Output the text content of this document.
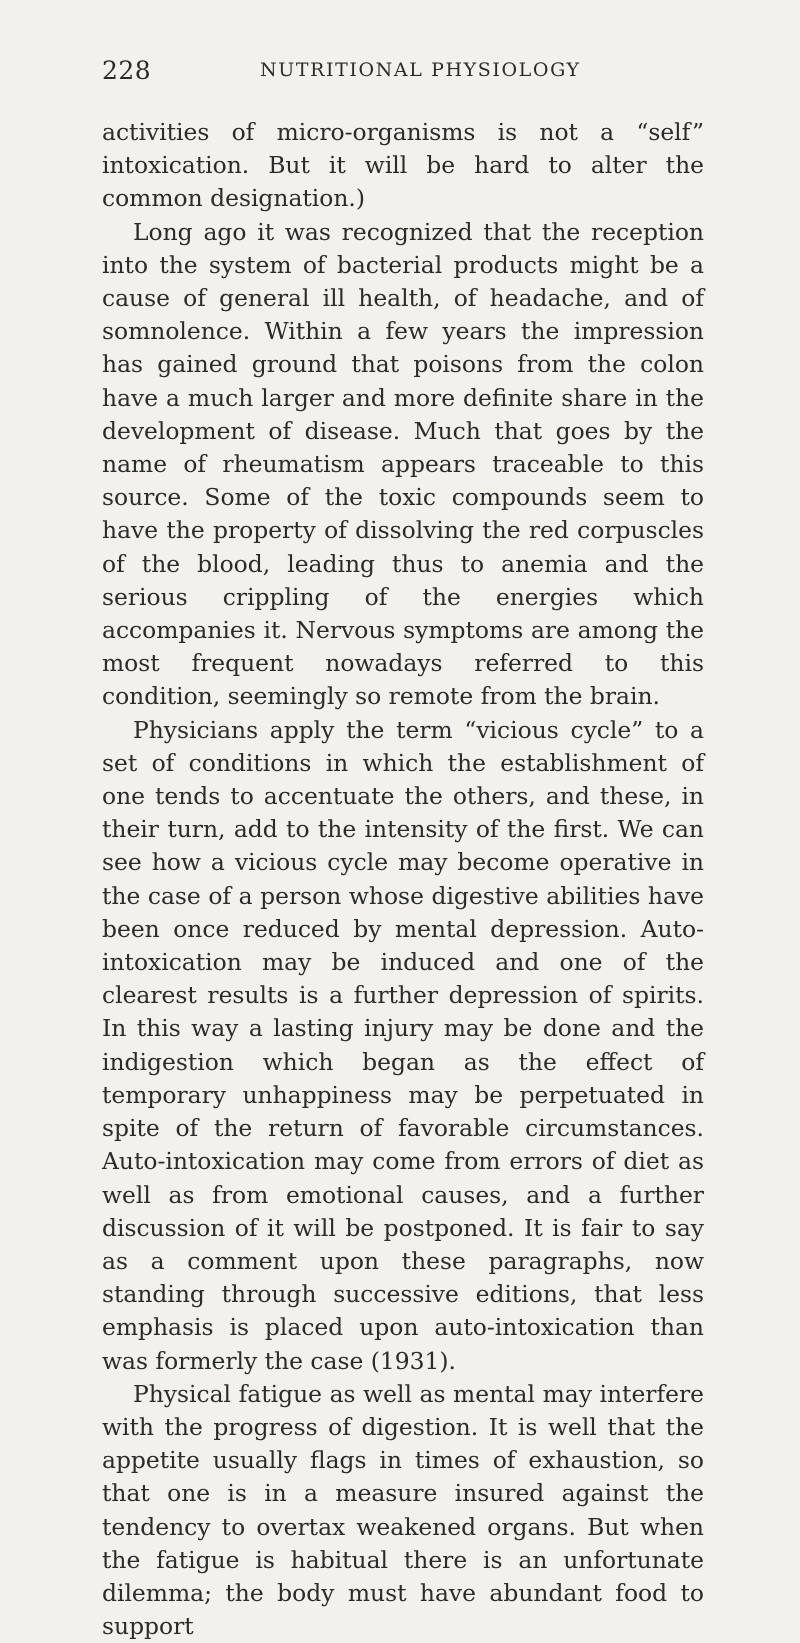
228	NUTRITIONAL PHYSIOLOGY

activities of micro-organisms is not a “self” intoxication. But it will be hard to alter the common designation.)

Long ago it was recognized that the reception into the system of bacterial products might be a cause of general ill health, of headache, and of somnolence. Within a few years the impression has gained ground that poisons from the colon have a much larger and more definite share in the development of disease. Much that goes by the name of rheumatism appears traceable to this source. Some of the toxic compounds seem to have the property of dissolving the red corpuscles of the blood, leading thus to anemia and the serious crippling of the energies which accompanies it. Nervous symptoms are among the most frequent nowadays referred to this condition, seemingly so remote from the brain.

Physicians apply the term “vicious cycle” to a set of conditions in which the establishment of one tends to accentuate the others, and these, in their turn, add to the intensity of the first. We can see how a vicious cycle may become operative in the case of a person whose digestive abilities have been once reduced by mental depression. Auto-intoxication may be induced and one of the clearest results is a further depression of spirits. In this way a lasting injury may be done and the indigestion which began as the effect of temporary unhappiness may be perpetuated in spite of the return of favorable circumstances. Auto-intoxication may come from errors of diet as well as from emotional causes, and a further discussion of it will be postponed. It is fair to say as a comment upon these paragraphs, now standing through successive editions, that less emphasis is placed upon auto-intoxication than was formerly the case (1931).

Physical fatigue as well as mental may interfere with the progress of digestion. It is well that the appetite usually flags in times of exhaustion, so that one is in a measure insured against the tendency to overtax weakened organs. But when the fatigue is habitual there is an unfortunate dilemma; the body must have abundant food to support
